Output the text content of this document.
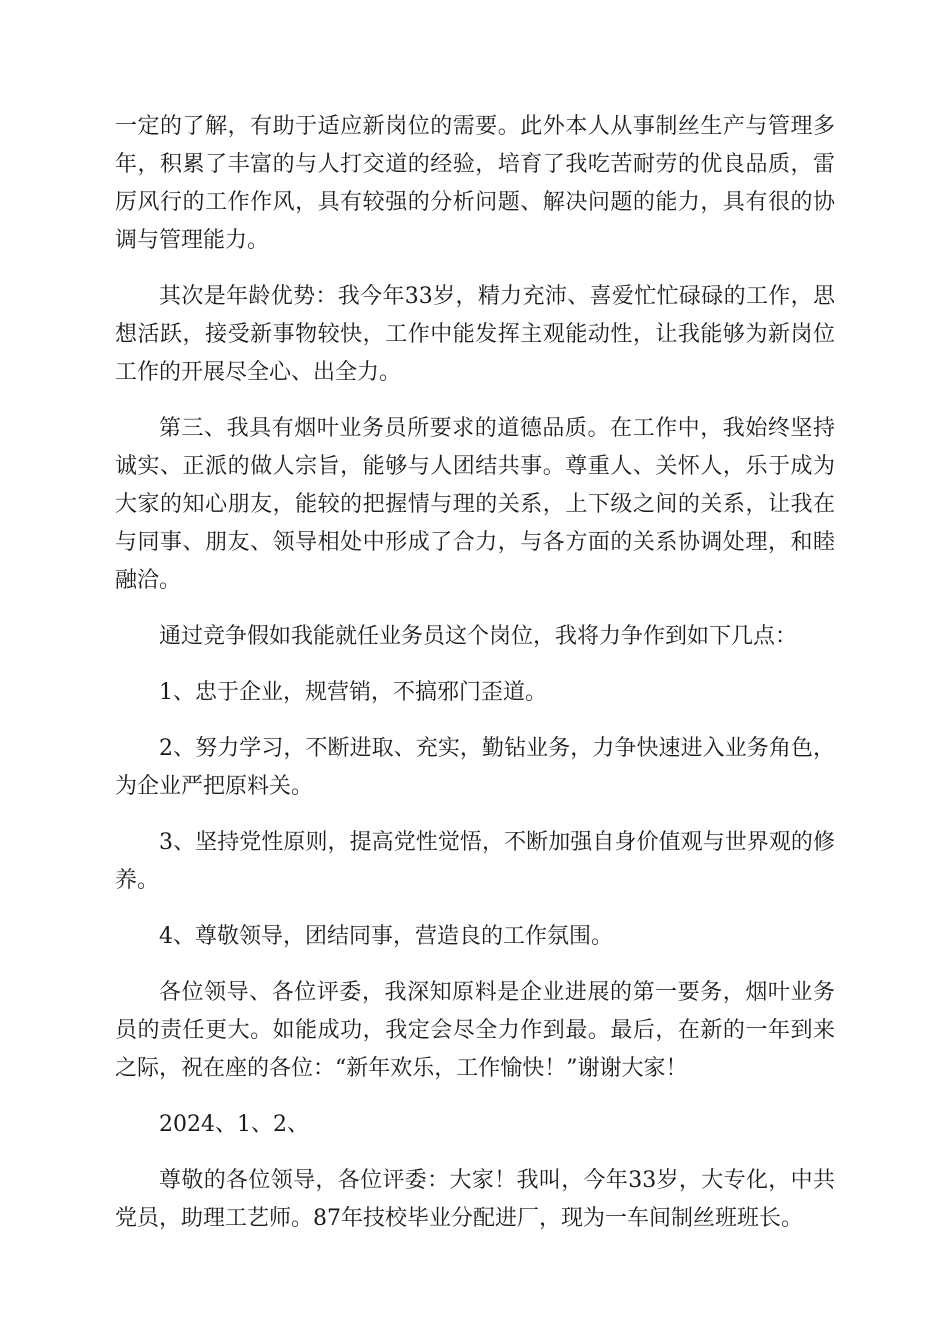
一定的了解，有助于适应新岗位的需要。此外本人从事制丝生产与管理多年，积累了丰富的与人打交道的经验，培育了我吃苦耐劳的优良品质，雷厉风行的工作作风，具有较强的分析问题、解决问题的能力，具有很的协调与管理能力。

其次是年龄优势：我今年33岁，精力充沛、喜爱忙忙碌碌的工作，思想活跃，接受新事物较快，工作中能发挥主观能动性，让我能够为新岗位工作的开展尽全心、出全力。

第三、我具有烟叶业务员所要求的道德品质。在工作中，我始终坚持诚实、正派的做人宗旨，能够与人团结共事。尊重人、关怀人，乐于成为大家的知心朋友，能较的把握情与理的关系，上下级之间的关系，让我在与同事、朋友、领导相处中形成了合力，与各方面的关系协调处理，和睦融洽。

通过竞争假如我能就任业务员这个岗位，我将力争作到如下几点：

1、忠于企业，规营销，不搞邪门歪道。

2、努力学习，不断进取、充实，勤钻业务，力争快速进入业务角色，为企业严把原料关。

3、坚持党性原则，提高党性觉悟，不断加强自身价值观与世界观的修养。

4、尊敬领导，团结同事，营造良的工作氛围。

各位领导、各位评委，我深知原料是企业进展的第一要务，烟叶业务员的责任更大。如能成功，我定会尽全力作到最。最后，在新的一年到来之际，祝在座的各位：“新年欢乐，工作愉快！”谢谢大家！

2024、1、2、

尊敬的各位领导，各位评委：大家！我叫，今年33岁，大专化，中共党员，助理工艺师。87年技校毕业分配进厂，现为一车间制丝班班长。
